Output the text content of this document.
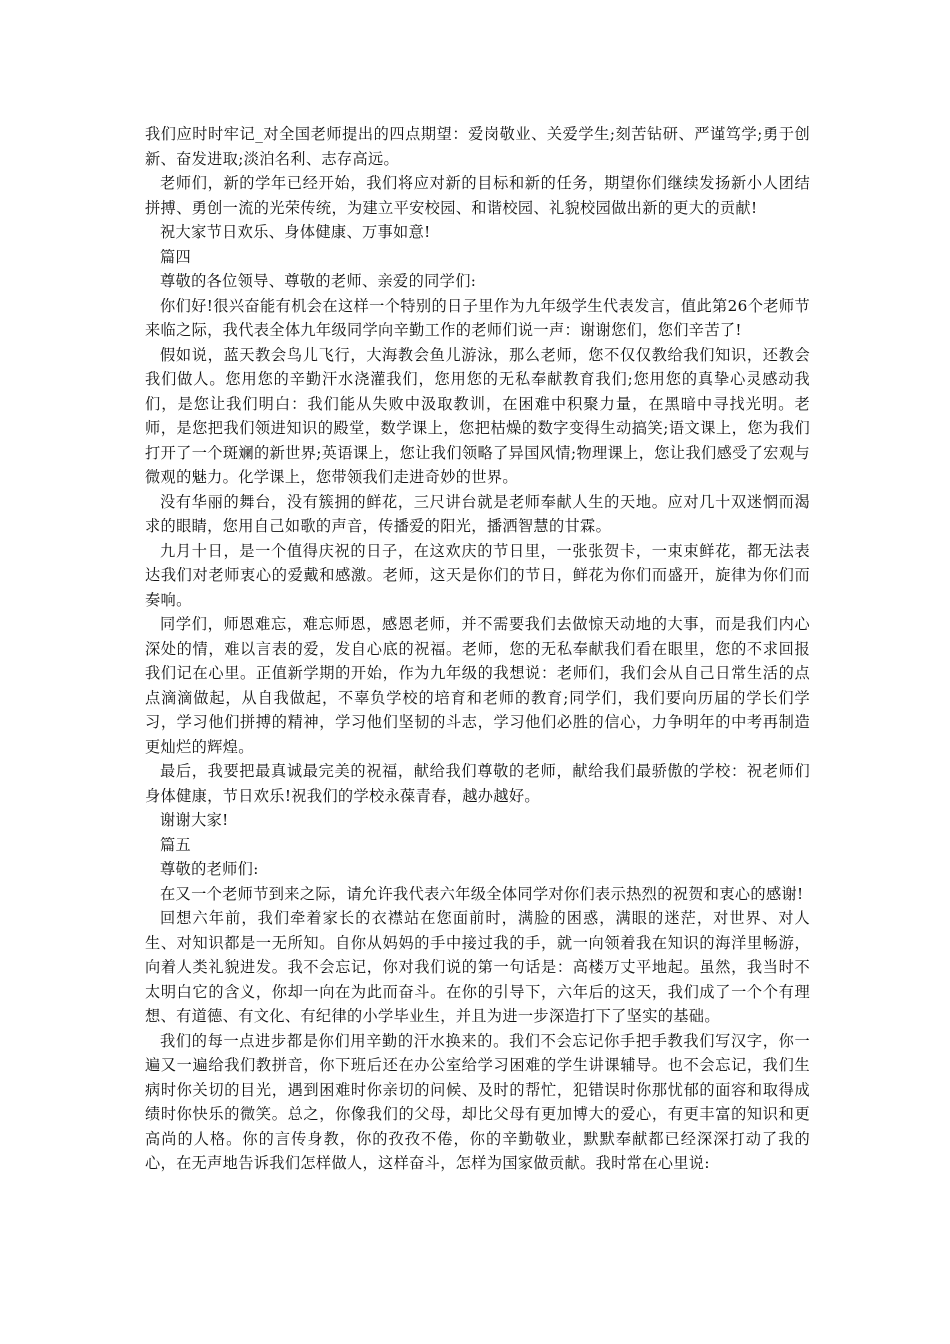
我们应时时牢记_对全国老师提出的四点期望：爱岗敬业、关爱学生;刻苦钻研、严谨笃学;勇于创新、奋发进取;淡泊名利、志存高远。

老师们，新的学年已经开始，我们将应对新的目标和新的任务，期望你们继续发扬新小人团结拼搏、勇创一流的光荣传统，为建立平安校园、和谐校园、礼貌校园做出新的更大的贡献!

祝大家节日欢乐、身体健康、万事如意!

篇四

尊敬的各位领导、尊敬的老师、亲爱的同学们:

你们好!很兴奋能有机会在这样一个特别的日子里作为九年级学生代表发言，值此第26个老师节来临之际，我代表全体九年级同学向辛勤工作的老师们说一声：谢谢您们，您们辛苦了!

假如说，蓝天教会鸟儿飞行，大海教会鱼儿游泳，那么老师，您不仅仅教给我们知识，还教会我们做人。您用您的辛勤汗水浇灌我们，您用您的无私奉献教育我们;您用您的真挚心灵感动我们，是您让我们明白：我们能从失败中汲取教训，在困难中积聚力量，在黑暗中寻找光明。老师，是您把我们领进知识的殿堂，数学课上，您把枯燥的数字变得生动搞笑;语文课上，您为我们打开了一个斑斓的新世界;英语课上，您让我们领略了异国风情;物理课上，您让我们感受了宏观与微观的魅力。化学课上，您带领我们走进奇妙的世界。

没有华丽的舞台，没有簇拥的鲜花，三尺讲台就是老师奉献人生的天地。应对几十双迷惘而渴求的眼睛，您用自己如歌的声音，传播爱的阳光，播洒智慧的甘霖。

九月十日，是一个值得庆祝的日子，在这欢庆的节日里，一张张贺卡，一束束鲜花，都无法表达我们对老师衷心的爱戴和感激。老师，这天是你们的节日，鲜花为你们而盛开，旋律为你们而奏响。

同学们，师恩难忘，难忘师恩，感恩老师，并不需要我们去做惊天动地的大事，而是我们内心深处的情，难以言表的爱，发自心底的祝福。老师，您的无私奉献我们看在眼里，您的不求回报我们记在心里。正值新学期的开始，作为九年级的我想说：老师们，我们会从自己日常生活的点点滴滴做起，从自我做起，不辜负学校的培育和老师的教育;同学们，我们要向历届的学长们学习，学习他们拼搏的精神，学习他们坚韧的斗志，学习他们必胜的信心，力争明年的中考再制造更灿烂的辉煌。

最后，我要把最真诚最完美的祝福，献给我们尊敬的老师，献给我们最骄傲的学校：祝老师们身体健康，节日欢乐!祝我们的学校永葆青春，越办越好。

谢谢大家!

篇五

尊敬的老师们:

在又一个老师节到来之际，请允许我代表六年级全体同学对你们表示热烈的祝贺和衷心的感谢!

回想六年前，我们牵着家长的衣襟站在您面前时，满脸的困惑，满眼的迷茫，对世界、对人生、对知识都是一无所知。自你从妈妈的手中接过我的手，就一向领着我在知识的海洋里畅游，向着人类礼貌进发。我不会忘记，你对我们说的第一句话是：高楼万丈平地起。虽然，我当时不太明白它的含义，你却一向在为此而奋斗。在你的引导下，六年后的这天，我们成了一个个有理想、有道德、有文化、有纪律的小学毕业生，并且为进一步深造打下了坚实的基础。

我们的每一点进步都是你们用辛勤的汗水换来的。我们不会忘记你手把手教我们写汉字，你一遍又一遍给我们教拼音，你下班后还在办公室给学习困难的学生讲课辅导。也不会忘记，我们生病时你关切的目光，遇到困难时你亲切的问候、及时的帮忙，犯错误时你那忧郁的面容和取得成绩时你快乐的微笑。总之，你像我们的父母，却比父母有更加博大的爱心，有更丰富的知识和更高尚的人格。你的言传身教，你的孜孜不倦，你的辛勤敬业，默默奉献都已经深深打动了我的心，在无声地告诉我们怎样做人，这样奋斗，怎样为国家做贡献。我时常在心里说:
